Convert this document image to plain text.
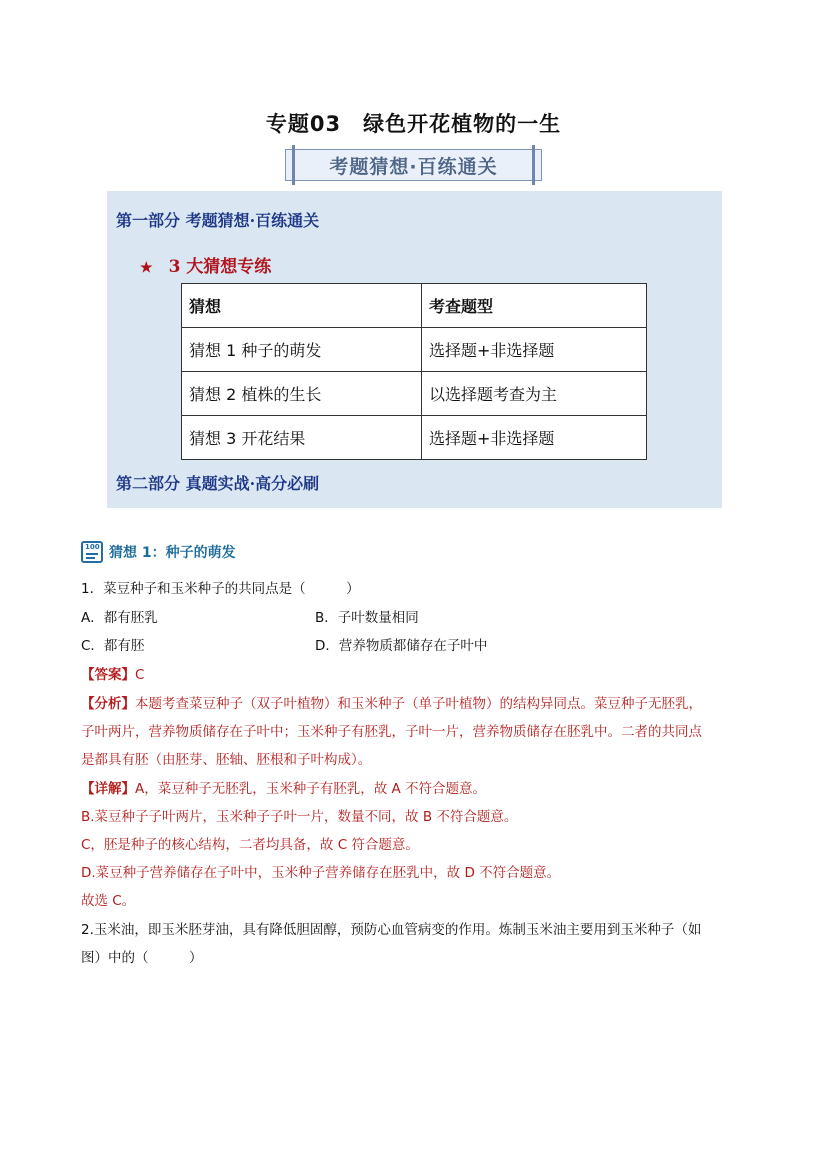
专题03　绿色开花植物的一生
考题猜想·百练通关
第一部分 考题猜想·百练通关
★ 3 大猜想专练
猜想	考查题型
猜想 1 种子的萌发	选择题+非选择题
猜想 2 植株的生长	以选择题考查为主
猜想 3 开花结果	选择题+非选择题
第二部分 真题实战·高分必刷
100 猜想 1：种子的萌发
1．菜豆种子和玉米种子的共同点是（　　　）
A．都有胚乳	B．子叶数量相同
C．都有胚	D．营养物质都储存在子叶中
【答案】C
【分析】本题考查菜豆种子（双子叶植物）和玉米种子（单子叶植物）的结构异同点。菜豆种子无胚乳，
子叶两片，营养物质储存在子叶中；玉米种子有胚乳，子叶一片，营养物质储存在胚乳中。二者的共同点
是都具有胚（由胚芽、胚轴、胚根和子叶构成）。
【详解】A，菜豆种子无胚乳，玉米种子有胚乳，故 A 不符合题意。
B.菜豆种子子叶两片，玉米种子子叶一片，数量不同，故 B 不符合题意。
C，胚是种子的核心结构，二者均具备，故 C 符合题意。
D.菜豆种子营养储存在子叶中，玉米种子营养储存在胚乳中，故 D 不符合题意。
故选 C。
2.玉米油，即玉米胚芽油，具有降低胆固醇，预防心血管病变的作用。炼制玉米油主要用到玉米种子（如
图）中的（　　　）
